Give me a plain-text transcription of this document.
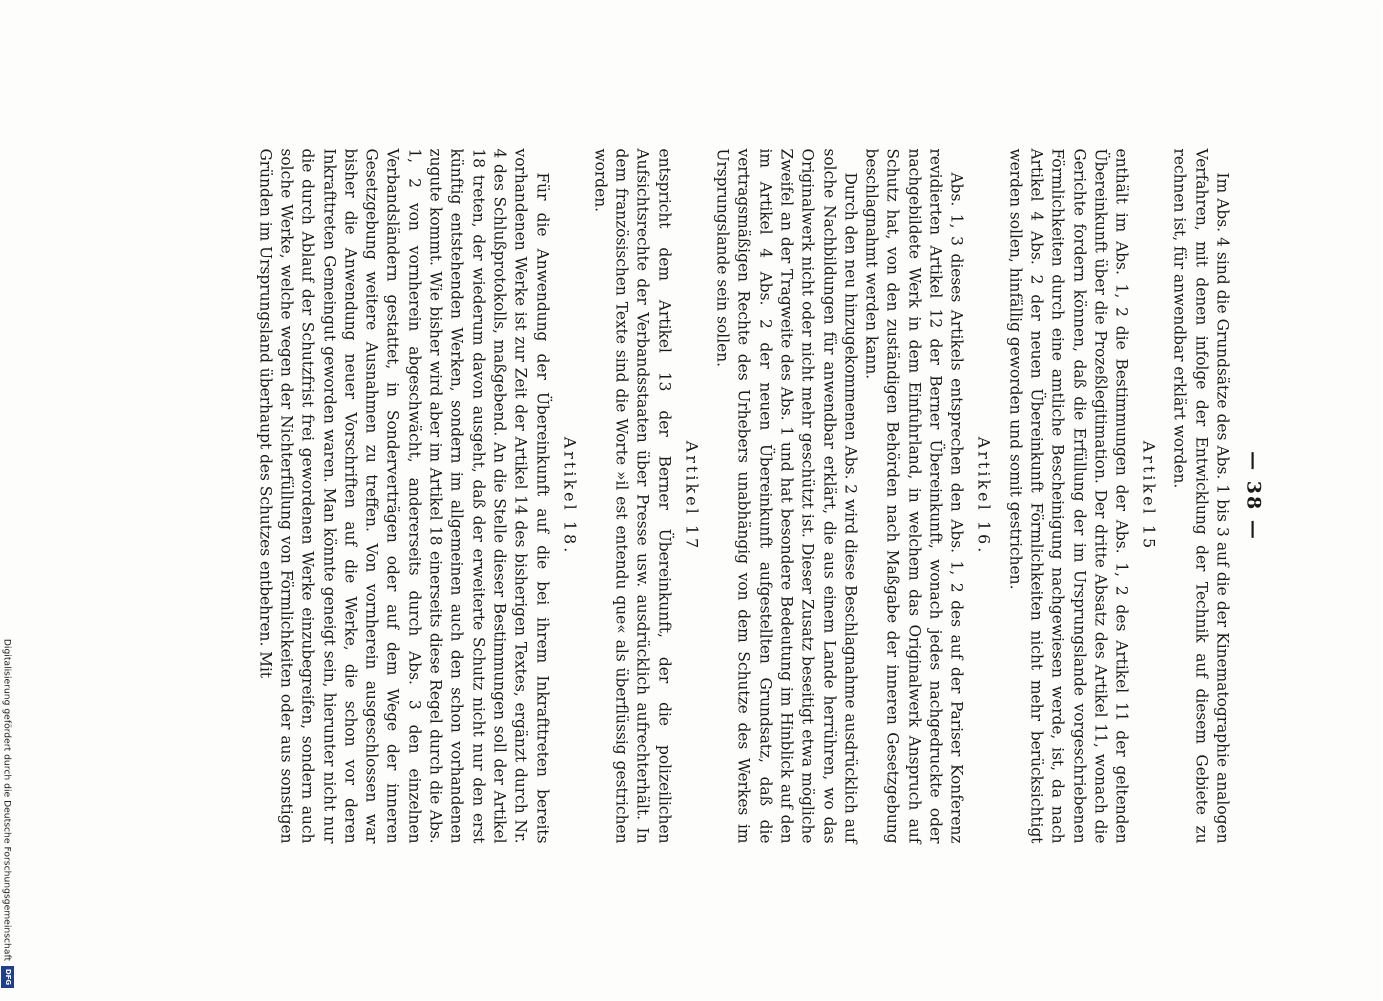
— 38 —

Im Abs. 4 sind die Grundsätze des Abs. 1 bis 3 auf die der Kinematographie analogen Verfahren, mit denen infolge der Entwicklung der Technik auf diesem Gebiete zu rechnen ist, für anwendbar erklärt worden.

Artikel 15

enthält im Abs. 1, 2 die Bestimmungen der Abs. 1, 2 des Artikel 11 der geltenden Übereinkunft über die Prozeßlegitimation. Der dritte Absatz des Artikel 11, wonach die Gerichte fordern können, daß die Erfüllung der im Ursprungslande vorgeschriebenen Förmlichkeiten durch eine amtliche Bescheinigung nachgewiesen werde, ist, da nach Artikel 4 Abs. 2 der neuen Übereinkunft Förmlichkeiten nicht mehr berücksichtigt werden sollen, hinfällig geworden und somit gestrichen.

Artikel 16.

Abs. 1, 3 dieses Artikels entsprechen den Abs. 1, 2 des auf der Pariser Konferenz revidierten Artikel 12 der Berner Übereinkunft, wonach jedes nachgedruckte oder nachgebildete Werk in dem Einfuhrland, in welchem das Originalwerk Anspruch auf Schutz hat, von den zuständigen Behörden nach Maßgabe der inneren Gesetzgebung beschlagnahmt werden kann.

Durch den neu hinzugekommenen Abs. 2 wird diese Beschlagnahme ausdrücklich auf solche Nachbildungen für anwendbar erklärt, die aus einem Lande herrühren, wo das Originalwerk nicht oder nicht mehr geschützt ist. Dieser Zusatz beseitigt etwa mögliche Zweifel an der Tragweite des Abs. 1 und hat besondere Bedeutung im Hinblick auf den im Artikel 4 Abs. 2 der neuen Übereinkunft aufgestellten Grundsatz, daß die vertragsmäßigen Rechte des Urhebers unabhängig von dem Schutze des Werkes im Ursprungslande sein sollen.

Artikel 17

entspricht dem Artikel 13 der Berner Übereinkunft, der die polizeilichen Aufsichtsrechte der Verbandsstaaten über Presse usw. ausdrücklich aufrechterhält. In dem französischen Texte sind die Worte »il est entendu que« als überflüssig gestrichen worden.

Artikel 18.

Für die Anwendung der Übereinkunft auf die bei ihrem Inkrafttreten bereits vorhandenen Werke ist zur Zeit der Artikel 14 des bisherigen Textes, ergänzt durch Nr. 4 des Schlußprotokolls, maßgebend. An die Stelle dieser Bestimmungen soll der Artikel 18 treten, der wiederum davon ausgeht, daß der erweiterte Schutz nicht nur den erst künftig entstehenden Werken, sondern im allgemeinen auch den schon vorhandenen zugute kommt. Wie bisher wird aber im Artikel 18 einerseits diese Regel durch die Abs. 1, 2 von vornherein abgeschwächt, andererseits durch Abs. 3 den einzelnen Verbandsländern gestattet, in Sonderverträgen oder auf dem Wege der inneren Gesetzgebung weitere Ausnahmen zu treffen. Von vornherein ausgeschlossen war bisher die Anwendung neuer Vorschriften auf die Werke, die schon vor deren Inkrafttreten Gemeingut geworden waren. Man könnte geneigt sein, hierunter nicht nur die durch Ablauf der Schutzfrist frei gewordenen Werke einzubegreifen, sondern auch solche Werke, welche wegen der Nichterfüllung von Förmlichkeiten oder aus sonstigen Gründen im Ursprungsland überhaupt des Schutzes entbehren. Mit

Digitalisierung gefördert durch die Deutsche Forschungsgemeinschaft
DFG
